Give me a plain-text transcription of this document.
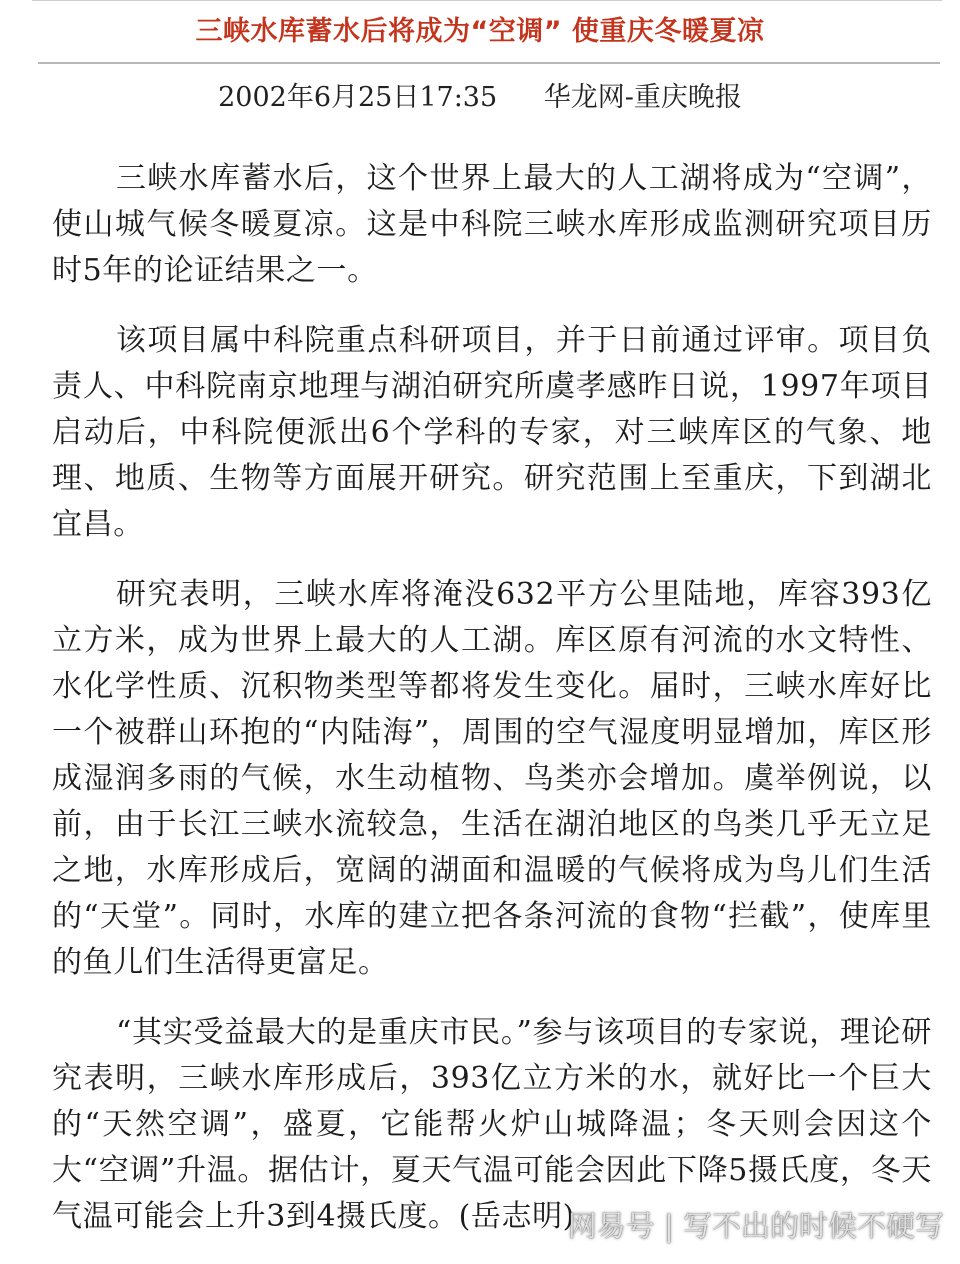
三峡水库蓄水后将成为“空调” 使重庆冬暖夏凉
2002年6月25日17:35 华龙网-重庆晚报

三峡水库蓄水后，这个世界上最大的人工湖将成为“空调”，使山城气候冬暖夏凉。这是中科院三峡水库形成监测研究项目历时5年的论证结果之一。

该项目属中科院重点科研项目，并于日前通过评审。项目负责人、中科院南京地理与湖泊研究所虞孝感昨日说，1997年项目启动后，中科院便派出6个学科的专家，对三峡库区的气象、地理、地质、生物等方面展开研究。研究范围上至重庆，下到湖北宜昌。

研究表明，三峡水库将淹没632平方公里陆地，库容393亿立方米，成为世界上最大的人工湖。库区原有河流的水文特性、水化学性质、沉积物类型等都将发生变化。届时，三峡水库好比一个被群山环抱的“内陆海”，周围的空气湿度明显增加，库区形成湿润多雨的气候，水生动植物、鸟类亦会增加。虞举例说，以前，由于长江三峡水流较急，生活在湖泊地区的鸟类几乎无立足之地，水库形成后，宽阔的湖面和温暖的气候将成为鸟儿们生活的“天堂”。同时，水库的建立把各条河流的食物“拦截”，使库里的鱼儿们生活得更富足。

“其实受益最大的是重庆市民。”参与该项目的专家说，理论研究表明，三峡水库形成后，393亿立方米的水，就好比一个巨大的“天然空调”，盛夏，它能帮火炉山城降温；冬天则会因这个大“空调”升温。据估计，夏天气温可能会因此下降5摄氏度，冬天气温可能会上升3到4摄氏度。(岳志明)

网易号 | 写不出的时候不硬写
